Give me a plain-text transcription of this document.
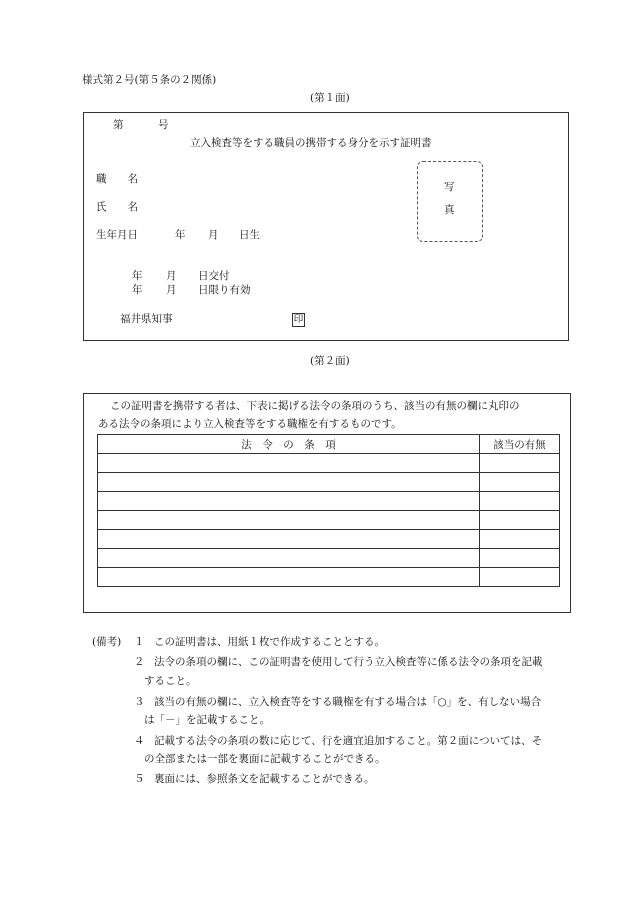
様式第２号(第５条の２関係)
(第１面)
第	号
立入検査等をする職員の携帯する身分を示す証明書
職　　名
氏　　名
生年月日	年 月 日生
写
真
年 月 日交付
年 月 日限り有効
福井県知事	印
(第２面)
この証明書を携帯する者は、下表に掲げる法令の条項のうち、該当の有無の欄に丸印の
ある法令の条項により立入検査等をする職権を有するものです。
法　令　の　条　項	該当の有無

(備考) １ この証明書は、用紙１枚で作成することとする。
２ 法令の条項の欄に、この証明書を使用して行う立入検査等に係る法令の条項を記載
すること。
３ 該当の有無の欄に、立入検査等をする職権を有する場合は「○」を、有しない場合
は「－」を記載すること。
４ 記載する法令の条項の数に応じて、行を適宜追加すること。第２面については、そ
の全部または一部を裏面に記載することができる。
５ 裏面には、参照条文を記載することができる。
